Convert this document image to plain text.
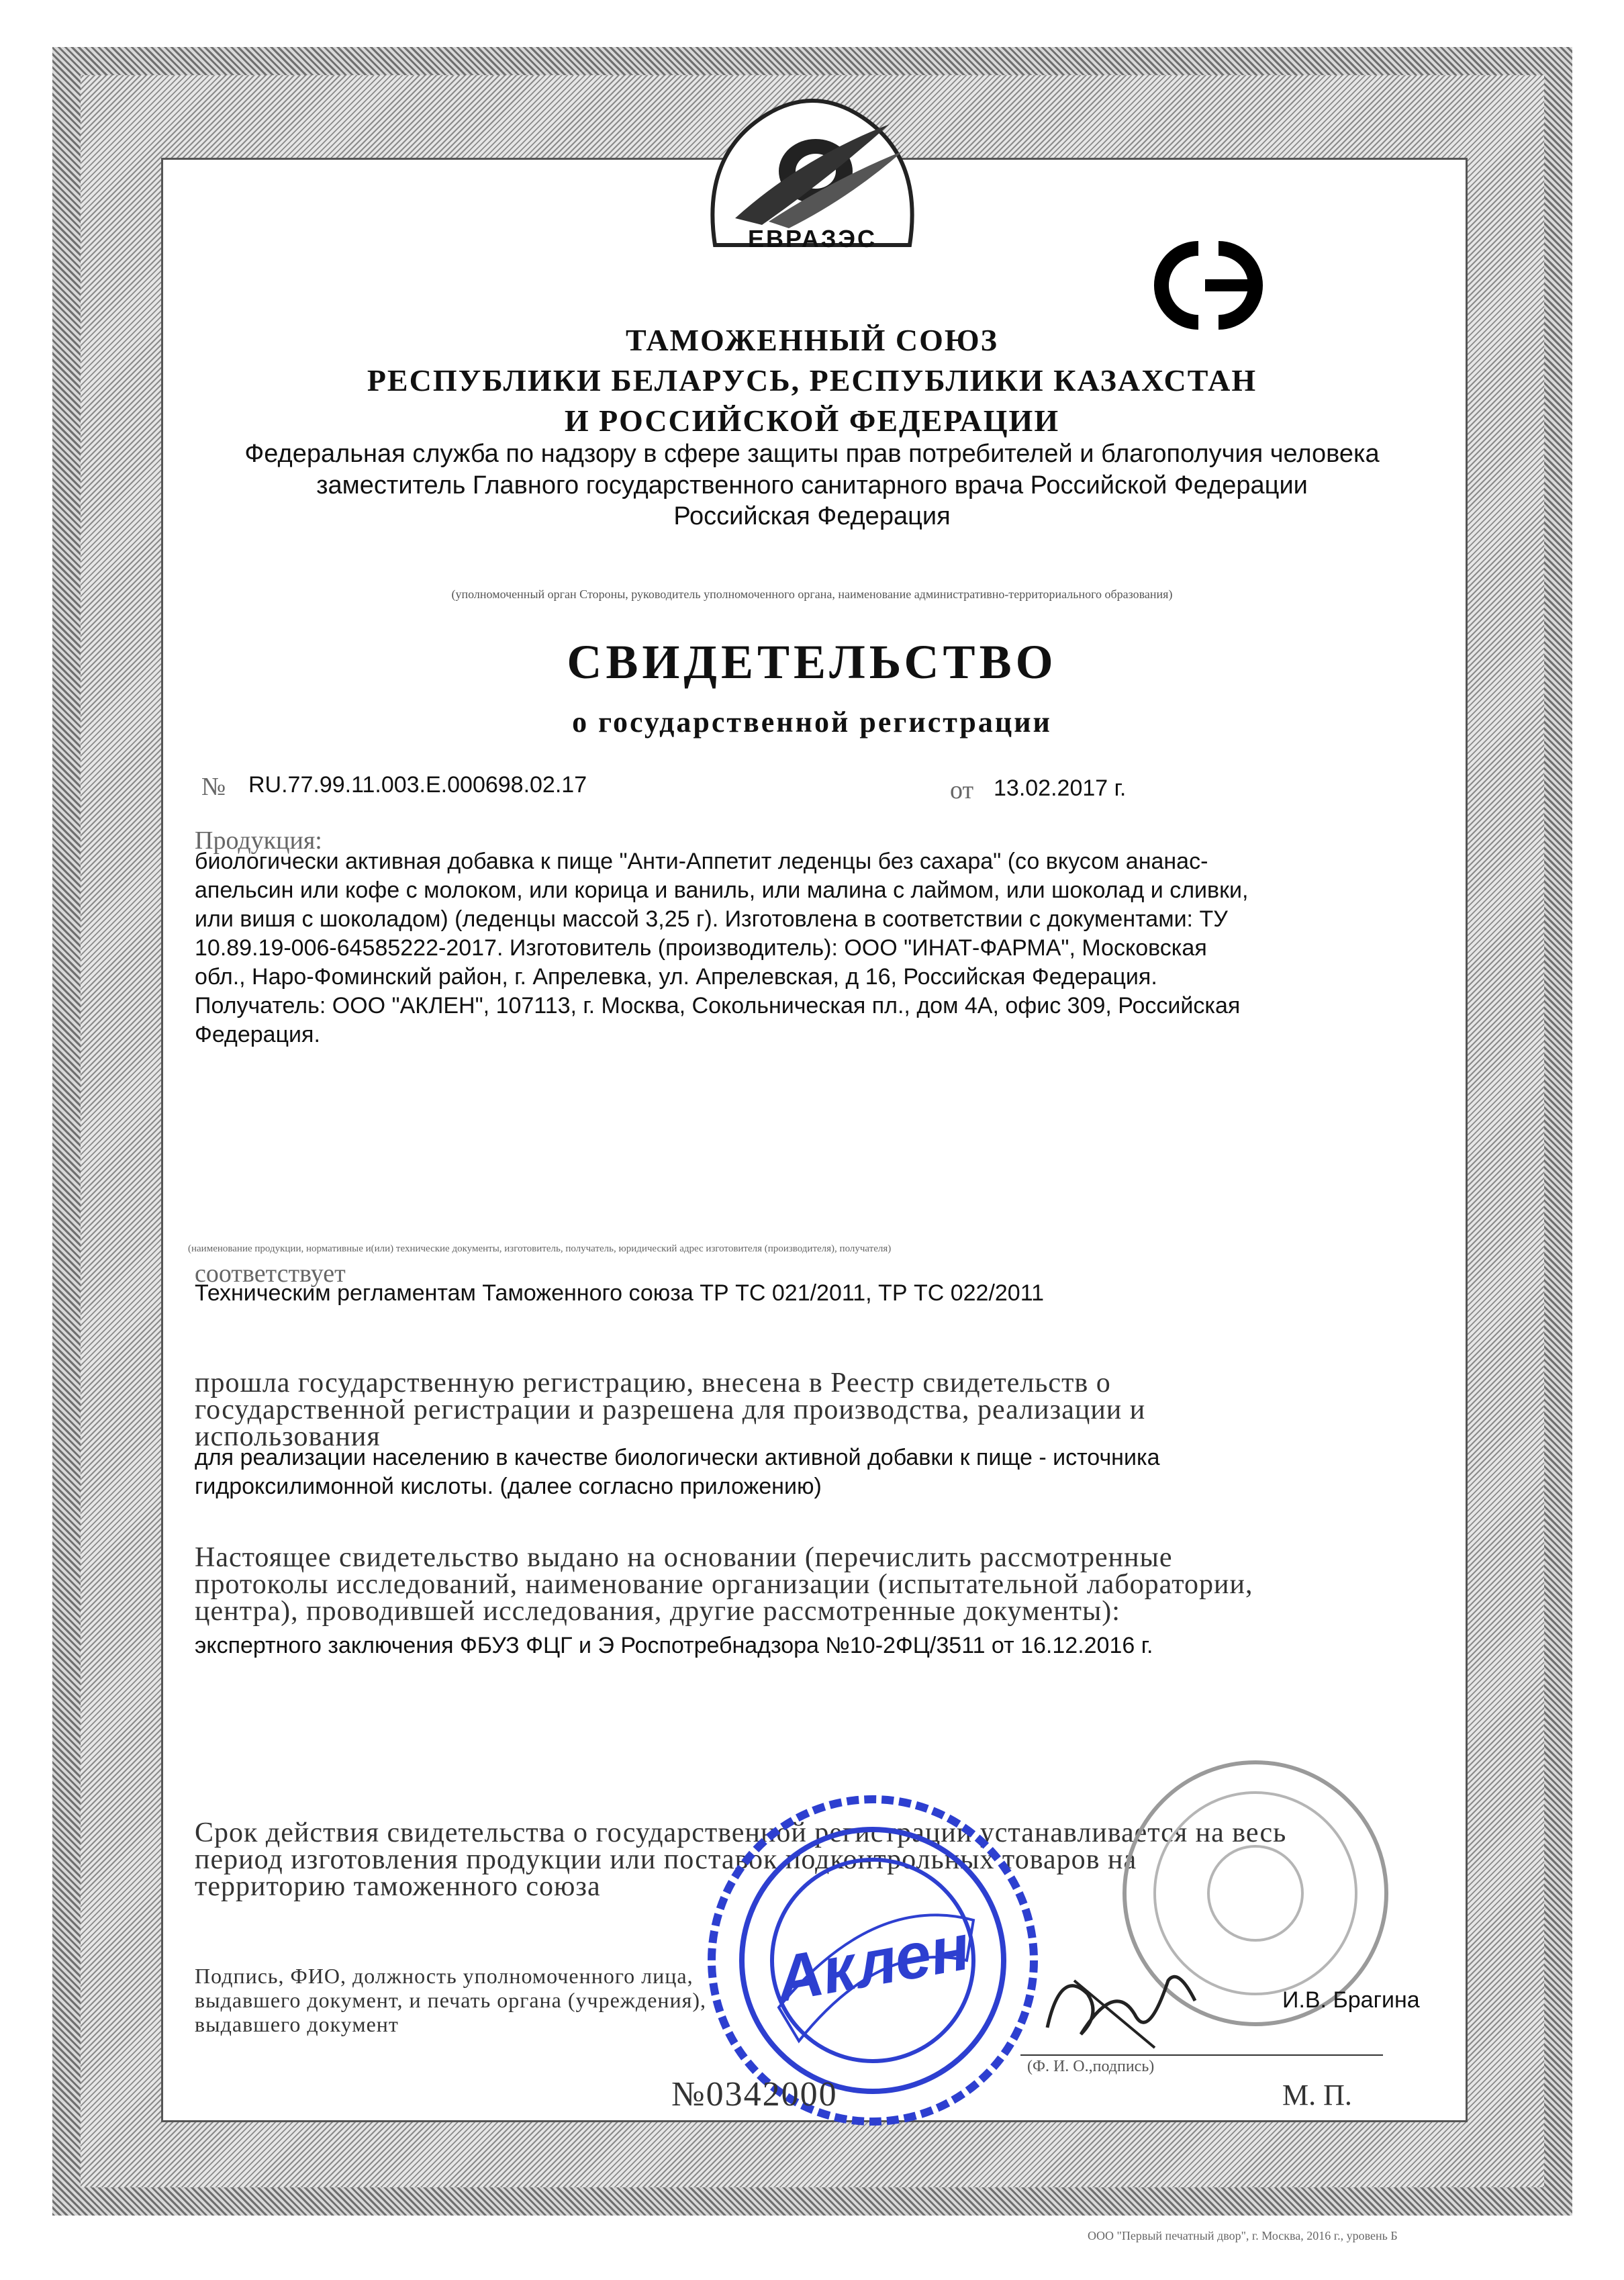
ЕВРАЗЭС
ТАМОЖЕННЫЙ СОЮЗ
РЕСПУБЛИКИ БЕЛАРУСЬ, РЕСПУБЛИКИ КАЗАХСТАН
И РОССИЙСКОЙ ФЕДЕРАЦИИ
Федеральная служба по надзору в сфере защиты прав потребителей и благополучия человека
заместитель Главного государственного санитарного врача Российской Федерации
Российская Федерация
(уполномоченный орган Стороны, руководитель уполномоченного органа, наименование административно-территориального образования)
СВИДЕТЕЛЬСТВО
о государственной регистрации
№ RU.77.99.11.003.Е.000698.02.17	от 13.02.2017 г.
Продукция:
биологически активная добавка к пище "Анти-Аппетит леденцы без сахара" (со вкусом ананас-
апельсин или кофе с молоком, или корица и ваниль, или малина с лаймом, или шоколад и сливки,
или вишя с шоколадом) (леденцы массой 3,25 г). Изготовлена в соответствии с документами: ТУ
10.89.19-006-64585222-2017. Изготовитель (производитель): ООО "ИНАТ-ФАРМА", Московская
обл., Наро-Фоминский район, г. Апрелевка, ул. Апрелевская, д 16, Российская Федерация.
Получатель: ООО "АКЛЕН", 107113, г. Москва, Сокольническая пл., дом 4А, офис 309, Российская
Федерация.
(наименование продукции, нормативные и(или) технические документы, изготовитель, получатель, юридический адрес изготовителя (производителя), получателя)
соответствует
Техническим регламентам Таможенного союза ТР ТС 021/2011, ТР ТС 022/2011
прошла государственную регистрацию, внесена в Реестр свидетельств о
государственной регистрации и разрешена для производства, реализации и
использования
для реализации населению в качестве биологически активной добавки к пище - источника
гидроксилимонной кислоты. (далее согласно приложению)
Настоящее свидетельство выдано на основании (перечислить рассмотренные
протоколы исследований, наименование организации (испытательной лаборатории,
центра), проводившей исследования, другие рассмотренные документы):
экспертного заключения ФБУЗ ФЦГ и Э Роспотребнадзора №10-2ФЦ/3511 от 16.12.2016 г.
Срок действия свидетельства о государственной регистрации устанавливается на весь
период изготовления продукции или поставок подконтрольных товаров на
территорию таможенного союза
Подпись, ФИО, должность уполномоченного лица,
выдавшего документ, и печать органа (учреждения),
выдавшего документ
Аклен	И.В. Брагина
(Ф. И. О.,подпись)
№0342000	М. П.
ООО "Первый печатный двор", г. Москва, 2016 г., уровень Б
